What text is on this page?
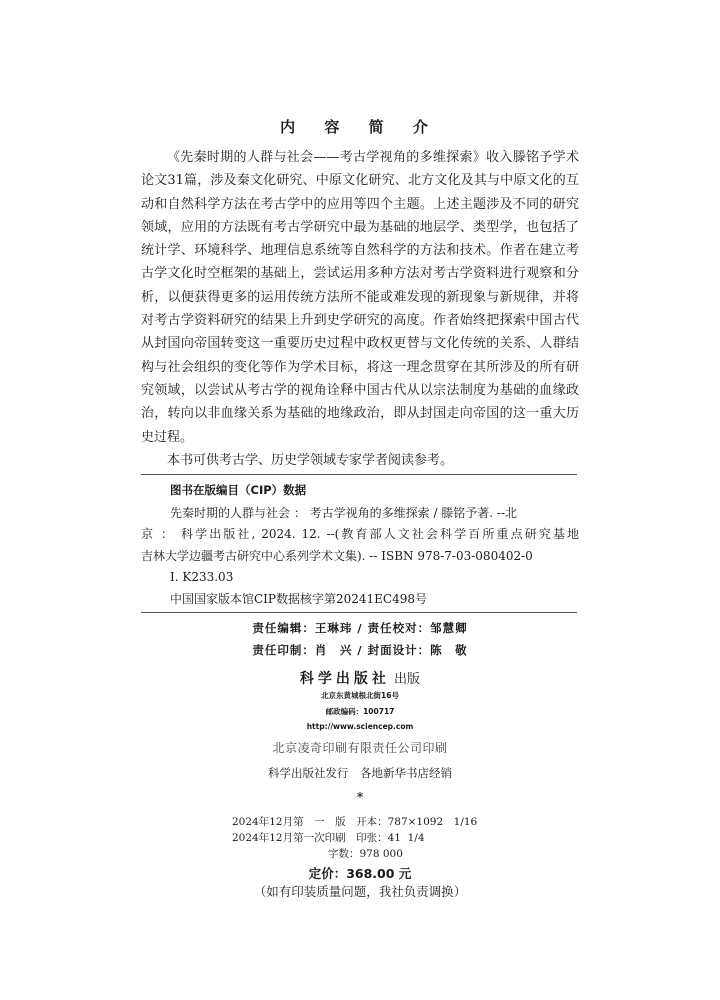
内 容 简 介

《先秦时期的人群与社会——考古学视角的多维探索》收入滕铭予学术论文31篇，涉及秦文化研究、中原文化研究、北方文化及其与中原文化的互动和自然科学方法在考古学中的应用等四个主题。上述主题涉及不同的研究领域，应用的方法既有考古学研究中最为基础的地层学、类型学，也包括了统计学、环境科学、地理信息系统等自然科学的方法和技术。作者在建立考古学文化时空框架的基础上，尝试运用多种方法对考古学资料进行观察和分析，以便获得更多的运用传统方法所不能或难发现的新现象与新规律，并将对考古学资料研究的结果上升到史学研究的高度。作者始终把探索中国古代从封国向帝国转变这一重要历史过程中政权更替与文化传统的关系、人群结构与社会组织的变化等作为学术目标，将这一理念贯穿在其所涉及的所有研究领域，以尝试从考古学的视角诠释中国古代从以宗法制度为基础的血缘政治，转向以非血缘关系为基础的地缘政治，即从封国走向帝国的这一重大历史过程。

本书可供考古学、历史学领域专家学者阅读参考。

图书在版编目（CIP）数据
先秦时期的人群与社会 ： 考古学视角的多维探索 / 滕铭予著. --北
京 ： 科学出版社, 2024. 12. --(教育部人文社会科学百所重点研究基地
吉林大学边疆考古研究中心系列学术文集). -- ISBN 978-7-03-080402-0
Ⅰ. K233.03
中国国家版本馆CIP数据核字第20241EC498号
责任编辑：王琳玮 / 责任校对：邹慧卿
责任印制：肖　兴 / 封面设计：陈　敬
科学出版社 出版
北京东黄城根北街16号
邮政编码：100717
http://www.sciencep.com
北京凌奇印刷有限责任公司印刷
科学出版社发行　各地新华书店经销
*
2024年12月第　一　版　开本：787×1092　1/16
2024年12月第一次印刷　印张：41  1/4
字数：978 000
定价：368.00 元
（如有印装质量问题，我社负责调换）
